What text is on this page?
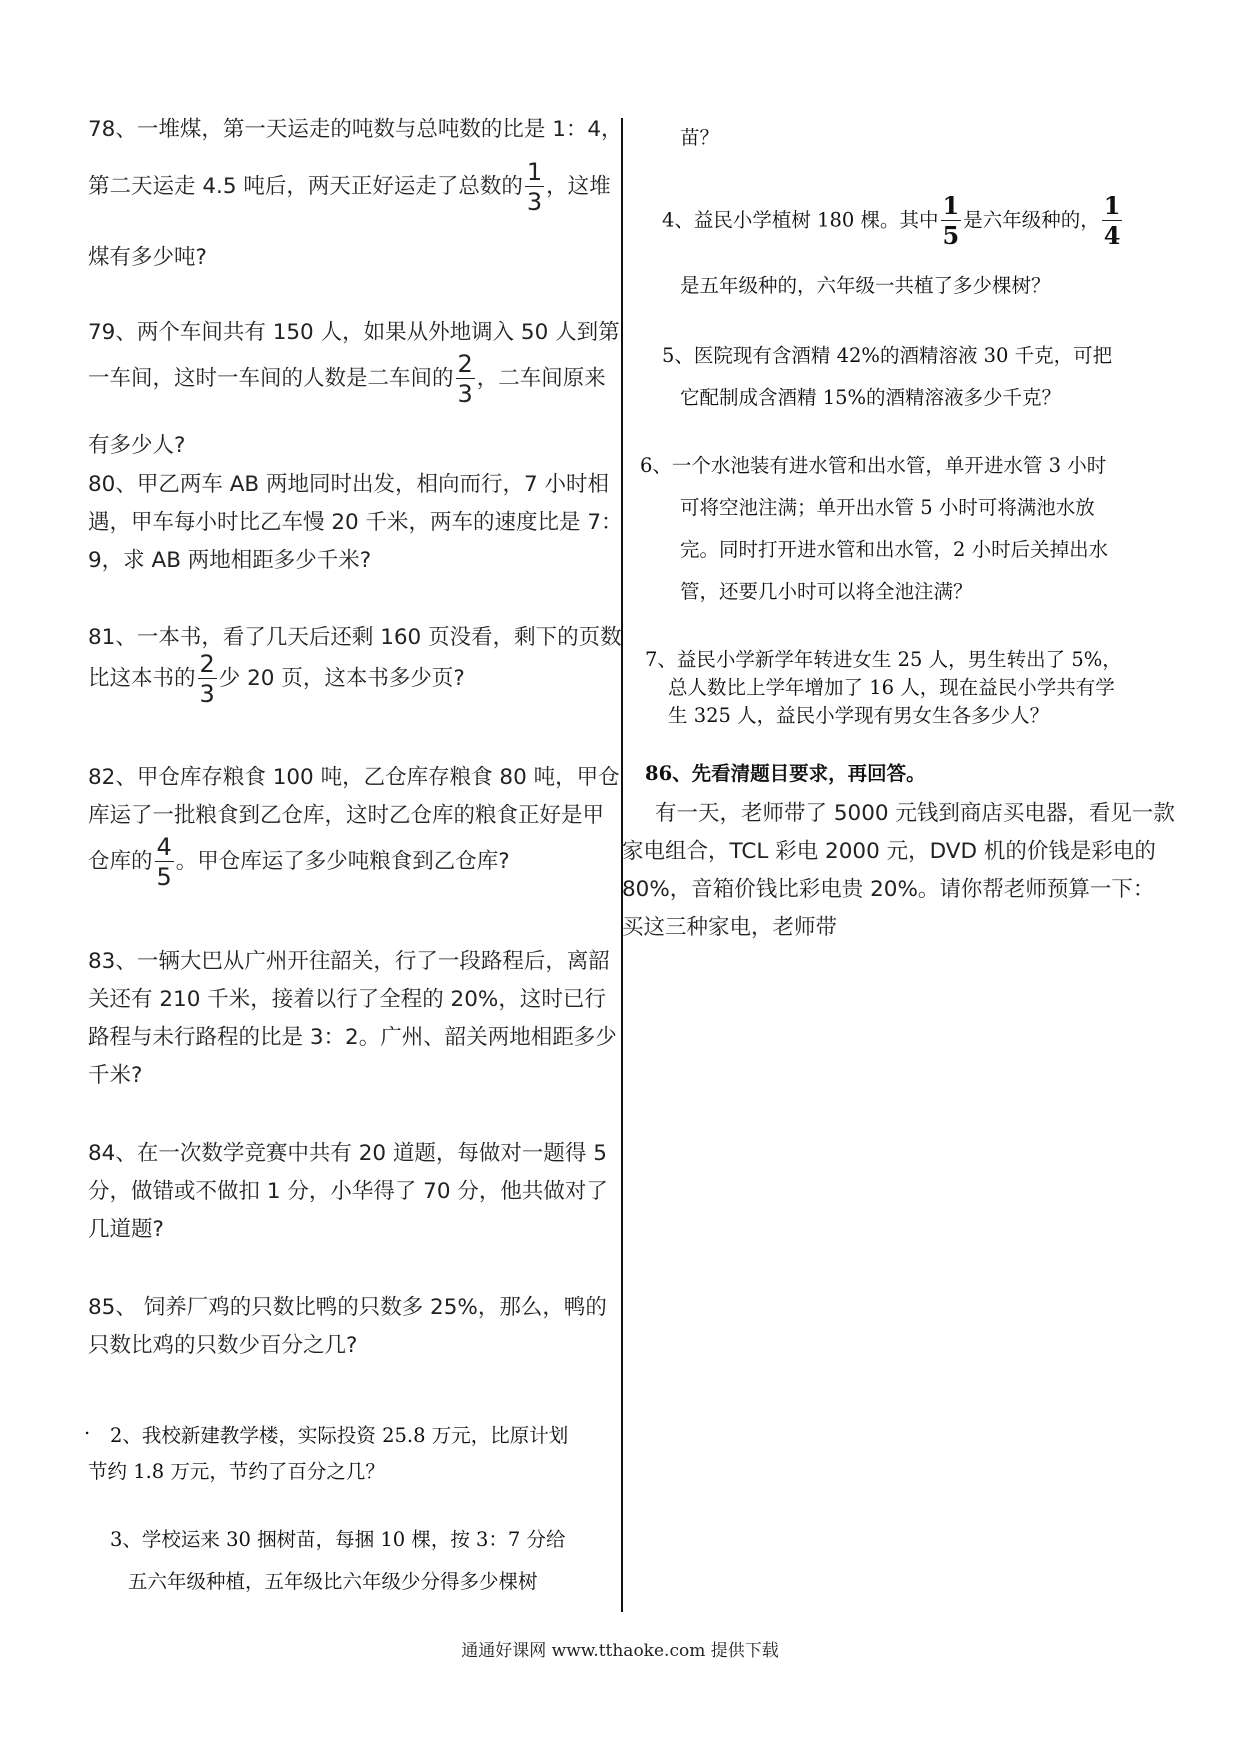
78、一堆煤，第一天运走的吨数与总吨数的比是 1：4，

第二天运走 4.5 吨后，两天正好运走了总数的 $\frac{1}{3}$ ，这堆

煤有多少吨?

79、两个车间共有 150 人，如果从外地调入 50 人到第

一车间，这时一车间的人数是二车间的 $\frac{2}{3}$ ，二车间原来

有多少人?

80、甲乙两车 AB 两地同时出发，相向而行，7 小时相

遇，甲车每小时比乙车慢 20 千米，两车的速度比是 7：

9，求 AB 两地相距多少千米?

81、一本书，看了几天后还剩 160 页没看，剩下的页数

比这本书的 $\frac{2}{3}$ 少 20 页，这本书多少页?

82、甲仓库存粮食 100 吨，乙仓库存粮食 80 吨，甲仓

库运了一批粮食到乙仓库，这时乙仓库的粮食正好是甲

仓库的 $\frac{4}{5}$ 。甲仓库运了多少吨粮食到乙仓库?

83、一辆大巴从广州开往韶关，行了一段路程后，离韶

关还有 210 千米，接着以行了全程的 20%，这时已行

路程与未行路程的比是 3：2。广州、韶关两地相距多少

千米?

84、在一次数学竞赛中共有 20 道题，每做对一题得 5

分，做错或不做扣 1 分，小华得了 70 分，他共做对了

几道题?

85、 饲养厂鸡的只数比鸭的只数多 25%，那么，鸭的

只数比鸡的只数少百分之几?

. 2、我校新建教学楼，实际投资 25.8 万元，比原计划

节约 1.8 万元，节约了百分之几？

3、学校运来 30 捆树苗，每捆 10 棵，按 3：7 分给

五六年级种植，五年级比六年级少分得多少棵树

苗？

4、益民小学植树 180 棵。其中 $\frac{1}{5}$ 是六年级种的， $\frac{1}{4}$

是五年级种的，六年级一共植了多少棵树？

5、医院现有含酒精 42%的酒精溶液 30 千克，可把

它配制成含酒精 15%的酒精溶液多少千克？

6、一个水池装有进水管和出水管，单开进水管 3 小时

可将空池注满；单开出水管 5 小时可将满池水放

完。同时打开进水管和出水管，2 小时后关掉出水

管，还要几小时可以将全池注满？

7、益民小学新学年转进女生 25 人，男生转出了 5%，

总人数比上学年增加了 16 人，现在益民小学共有学

生 325 人，益民小学现有男女生各多少人？

86、先看清题目要求，再回答。

有一天，老师带了 5000 元钱到商店买电器，看见一款

家电组合，TCL 彩电 2000 元，DVD 机的价钱是彩电的

80%，音箱价钱比彩电贵 20%。请你帮老师预算一下：

买这三种家电，老师带

通通好课网 www.tthaoke.com 提供下载
